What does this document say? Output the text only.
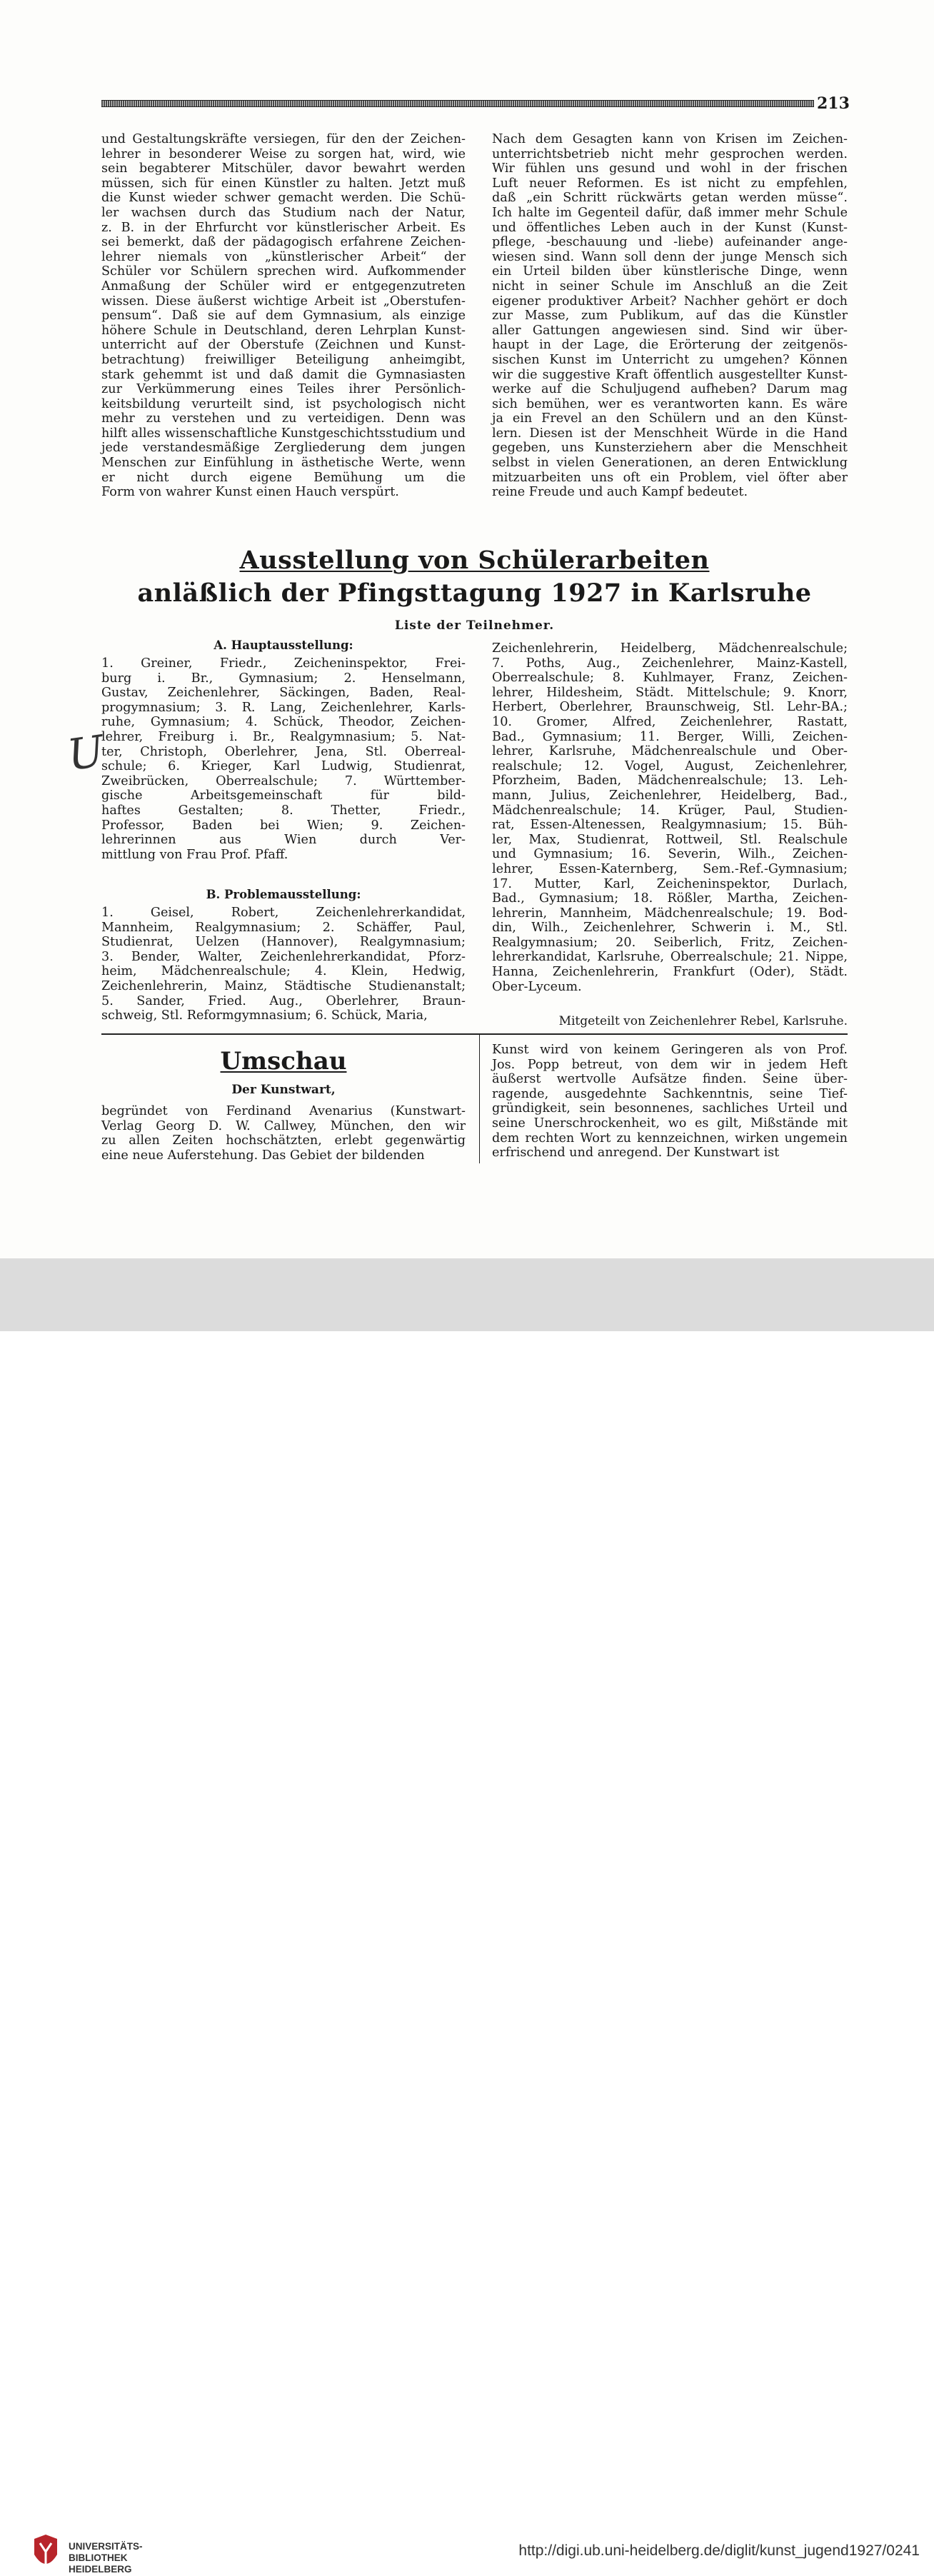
213
und Gestaltungskräfte versiegen, für den der Zeichen-
lehrer in besonderer Weise zu sorgen hat, wird, wie
sein begabterer Mitschüler, davor bewahrt werden
müssen, sich für einen Künstler zu halten. Jetzt muß
die Kunst wieder schwer gemacht werden. Die Schü-
ler wachsen durch das Studium nach der Natur,
z. B. in der Ehrfurcht vor künstlerischer Arbeit. Es
sei bemerkt, daß der pädagogisch erfahrene Zeichen-
lehrer niemals von „künstlerischer Arbeit“ der
Schüler vor Schülern sprechen wird. Aufkommender
Anmaßung der Schüler wird er entgegenzutreten
wissen. Diese äußerst wichtige Arbeit ist „Oberstufen-
pensum“. Daß sie auf dem Gymnasium, als einzige
höhere Schule in Deutschland, deren Lehrplan Kunst-
unterricht auf der Oberstufe (Zeichnen und Kunst-
betrachtung) freiwilliger Beteiligung anheimgibt,
stark gehemmt ist und daß damit die Gymnasiasten
zur Verkümmerung eines Teiles ihrer Persönlich-
keitsbildung verurteilt sind, ist psychologisch nicht
mehr zu verstehen und zu verteidigen. Denn was
hilft alles wissenschaftliche Kunstgeschichtsstudium und
jede verstandesmäßige Zergliederung dem jungen
Menschen zur Einfühlung in ästhetische Werte, wenn
er nicht durch eigene Bemühung um die
Form von wahrer Kunst einen Hauch verspürt.
Nach dem Gesagten kann von Krisen im Zeichen-
unterrichtsbetrieb nicht mehr gesprochen werden.
Wir fühlen uns gesund und wohl in der frischen
Luft neuer Reformen. Es ist nicht zu empfehlen,
daß „ein Schritt rückwärts getan werden müsse“.
Ich halte im Gegenteil dafür, daß immer mehr Schule
und öffentliches Leben auch in der Kunst (Kunst-
pflege, -beschauung und -liebe) aufeinander ange-
wiesen sind. Wann soll denn der junge Mensch sich
ein Urteil bilden über künstlerische Dinge, wenn
nicht in seiner Schule im Anschluß an die Zeit
eigener produktiver Arbeit? Nachher gehört er doch
zur Masse, zum Publikum, auf das die Künstler
aller Gattungen angewiesen sind. Sind wir über-
haupt in der Lage, die Erörterung der zeitgenös-
sischen Kunst im Unterricht zu umgehen? Können
wir die suggestive Kraft öffentlich ausgestellter Kunst-
werke auf die Schuljugend aufheben? Darum mag
sich bemühen, wer es verantworten kann. Es wäre
ja ein Frevel an den Schülern und an den Künst-
lern. Diesen ist der Menschheit Würde in die Hand
gegeben, uns Kunsterziehern aber die Menschheit
selbst in vielen Generationen, an deren Entwicklung
mitzuarbeiten uns oft ein Problem, viel öfter aber
reine Freude und auch Kampf bedeutet.
Ausstellung von Schülerarbeiten
anläßlich der Pfingsttagung 1927 in Karlsruhe
Liste der Teilnehmer.
A. Hauptausstellung:
1. Greiner, Friedr., Zeicheninspektor, Frei-
burg i. Br., Gymnasium; 2. Henselmann,
Gustav, Zeichenlehrer, Säckingen, Baden, Real-
progymnasium; 3. R. Lang, Zeichenlehrer, Karls-
ruhe, Gymnasium; 4. Schück, Theodor, Zeichen-
lehrer, Freiburg i. Br., Realgymnasium; 5. Nat-
ter, Christoph, Oberlehrer, Jena, Stl. Oberreal-
schule; 6. Krieger, Karl Ludwig, Studienrat,
Zweibrücken, Oberrealschule; 7. Württember-
gische Arbeitsgemeinschaft für bild-
haftes Gestalten; 8. Thetter, Friedr.,
Professor, Baden bei Wien; 9. Zeichen-
lehrerinnen aus Wien durch Ver-
mittlung von Frau Prof. Pfaff.
B. Problemausstellung:
1. Geisel, Robert, Zeichenlehrerkandidat,
Mannheim, Realgymnasium; 2. Schäffer, Paul,
Studienrat, Uelzen (Hannover), Realgymnasium;
3. Bender, Walter, Zeichenlehrerkandidat, Pforz-
heim, Mädchenrealschule; 4. Klein, Hedwig,
Zeichenlehrerin, Mainz, Städtische Studienanstalt;
5. Sander, Fried. Aug., Oberlehrer, Braun-
schweig, Stl. Reformgymnasium; 6. Schück, Maria,
Zeichenlehrerin, Heidelberg, Mädchenrealschule;
7. Poths, Aug., Zeichenlehrer, Mainz-Kastell,
Oberrealschule; 8. Kuhlmayer, Franz, Zeichen-
lehrer, Hildesheim, Städt. Mittelschule; 9. Knorr,
Herbert, Oberlehrer, Braunschweig, Stl. Lehr-BA.;
10. Gromer, Alfred, Zeichenlehrer, Rastatt,
Bad., Gymnasium; 11. Berger, Willi, Zeichen-
lehrer, Karlsruhe, Mädchenrealschule und Ober-
realschule; 12. Vogel, August, Zeichenlehrer,
Pforzheim, Baden, Mädchenrealschule; 13. Leh-
mann, Julius, Zeichenlehrer, Heidelberg, Bad.,
Mädchenrealschule; 14. Krüger, Paul, Studien-
rat, Essen-Altenessen, Realgymnasium; 15. Büh-
ler, Max, Studienrat, Rottweil, Stl. Realschule
und Gymnasium; 16. Severin, Wilh., Zeichen-
lehrer, Essen-Katernberg, Sem.-Ref.-Gymnasium;
17. Mutter, Karl, Zeicheninspektor, Durlach,
Bad., Gymnasium; 18. Rößler, Martha, Zeichen-
lehrerin, Mannheim, Mädchenrealschule; 19. Bod-
din, Wilh., Zeichenlehrer, Schwerin i. M., Stl.
Realgymnasium; 20. Seiberlich, Fritz, Zeichen-
lehrerkandidat, Karlsruhe, Oberrealschule; 21. Nippe,
Hanna, Zeichenlehrerin, Frankfurt (Oder), Städt.
Ober-Lyceum.
Mitgeteilt von Zeichenlehrer Rebel, Karlsruhe.
U
Umschau
Der Kunstwart,
begründet von Ferdinand Avenarius (Kunstwart-
Verlag Georg D. W. Callwey, München, den wir
zu allen Zeiten hochschätzten, erlebt gegenwärtig
eine neue Auferstehung. Das Gebiet der bildenden
Kunst wird von keinem Geringeren als von Prof.
Jos. Popp betreut, von dem wir in jedem Heft
äußerst wertvolle Aufsätze finden. Seine über-
ragende, ausgedehnte Sachkenntnis, seine Tief-
gründigkeit, sein besonnenes, sachliches Urteil und
seine Unerschrockenheit, wo es gilt, Mißstände mit
dem rechten Wort zu kennzeichnen, wirken ungemein
erfrischend und anregend. Der Kunstwart ist
UNIVERSITÄTS-
BIBLIOTHEK
HEIDELBERG
http://digi.ub.uni-heidelberg.de/diglit/kunst_jugend1927/0241
